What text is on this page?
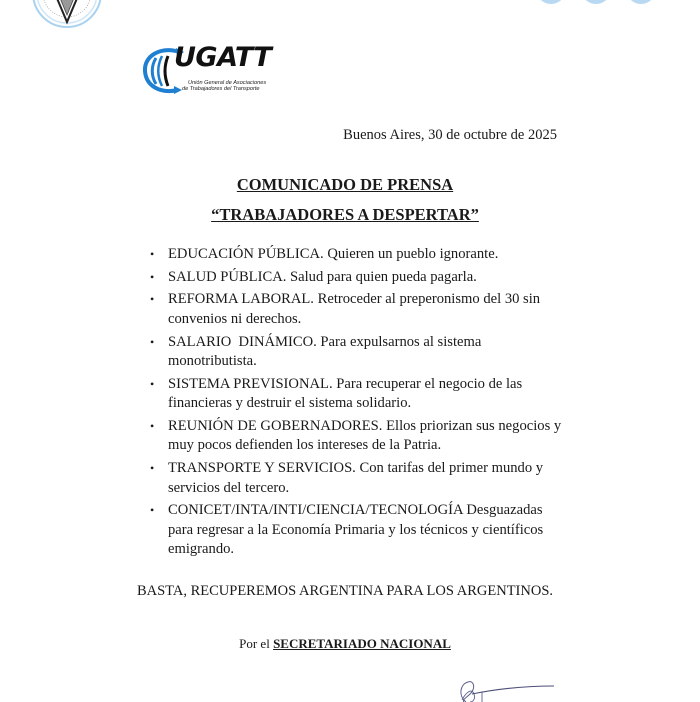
UGATT
Unión General de Asociaciones
de Trabajadores del Transporte
Buenos Aires, 30 de octubre de 2025
COMUNICADO DE PRENSA
“TRABAJADORES A DESPERTAR”
• EDUCACIÓN PÚBLICA. Quieren un pueblo ignorante.
• SALUD PÚBLICA. Salud para quien pueda pagarla.
• REFORMA LABORAL. Retroceder al preperonismo del 30 sin convenios ni derechos.
• SALARIO  DINÁMICO. Para expulsarnos al sistema monotributista.
• SISTEMA PREVISIONAL. Para recuperar el negocio de las financieras y destruir el sistema solidario.
• REUNIÓN DE GOBERNADORES. Ellos priorizan sus negocios y muy pocos defienden los intereses de la Patria.
• TRANSPORTE Y SERVICIOS. Con tarifas del primer mundo y servicios del tercero.
• CONICET/INTA/INTI/CIENCIA/TECNOLOGÍA Desguazadas para regresar a la Economía Primaria y los técnicos y científicos emigrando.
BASTA, RECUPEREMOS ARGENTINA PARA LOS ARGENTINOS.
Por el SECRETARIADO NACIONAL
